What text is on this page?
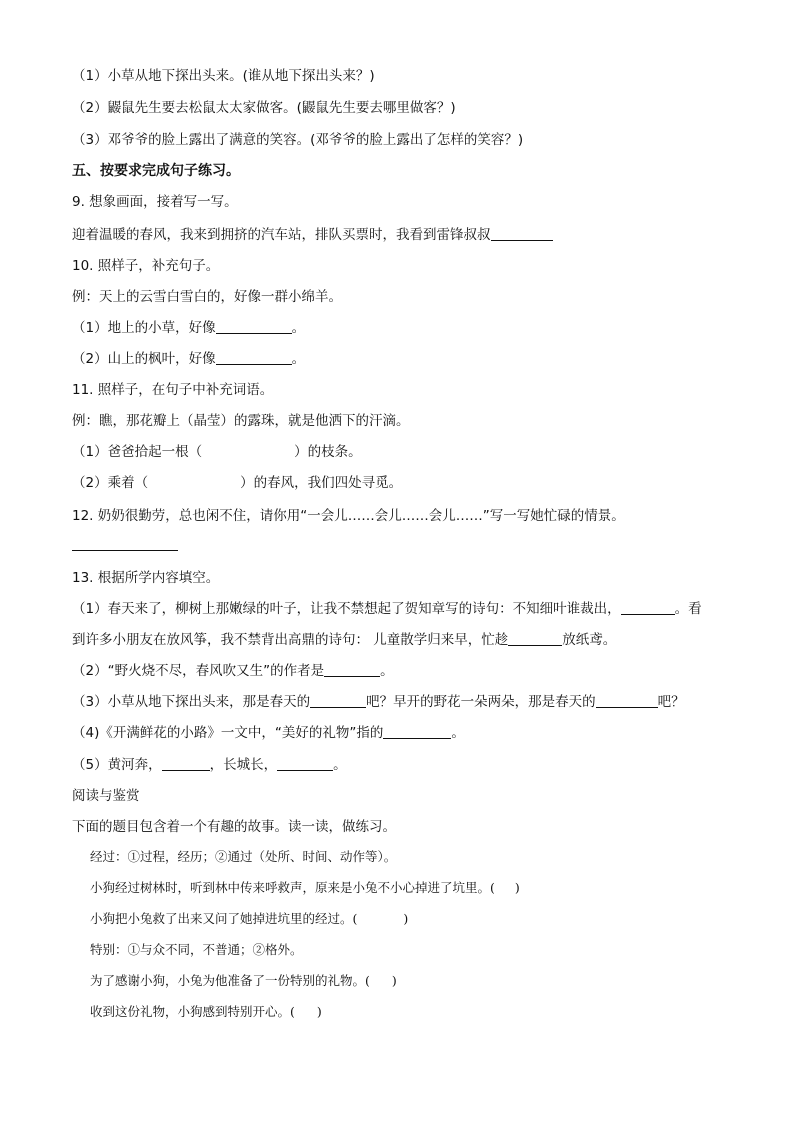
（1）小草从地下探出头来。(谁从地下探出头来？)
（2）鼹鼠先生要去松鼠太太家做客。(鼹鼠先生要去哪里做客？)
（3）邓爷爷的脸上露出了满意的笑容。(邓爷爷的脸上露出了怎样的笑容？)
五、按要求完成句子练习。
9. 想象画面，接着写一写。
迎着温暖的春风，我来到拥挤的汽车站，排队买票时，我看到雷锋叔叔
10. 照样子，补充句子。
例：天上的云雪白雪白的，好像一群小绵羊。
（1）地上的小草，好像	。
（2）山上的枫叶，好像	。
11. 照样子，在句子中补充词语。
例：瞧，那花瓣上（晶莹）的露珠，就是他洒下的汗滴。
（1）爸爸拾起一根（	）的枝条。
（2）乘着（	）的春风，我们四处寻觅。
12. 奶奶很勤劳，总也闲不住，请你用“一会儿……会儿……会儿……”写一写她忙碌的情景。
13. 根据所学内容填空。
（1）春天来了，柳树上那嫩绿的叶子，让我不禁想起了贺知章写的诗句：不知细叶谁裁出，	。看
到许多小朋友在放风筝，我不禁背出高鼎的诗句： 儿童散学归来早，忙趁	放纸鸢。
（2）“野火烧不尽，春风吹又生”的作者是	。
（3）小草从地下探出头来，那是春天的	吧？早开的野花一朵两朵，那是春天的	吧？
（4)《开满鲜花的小路》一文中，“美好的礼物”指的	。
（5）黄河奔，	，长城长，	。
阅读与鉴赏
下面的题目包含着一个有趣的故事。读一读，做练习。
经过：①过程，经历；②通过（处所、时间、动作等）。
小狗经过树林时，听到林中传来呼救声，原来是小兔不小心掉进了坑里。( )
小狗把小兔救了出来又问了她掉进坑里的经过。(	)
特别：①与众不同，不普通；②格外。
为了感谢小狗，小兔为他准备了一份特别的礼物。( )
收到这份礼物，小狗感到特别开心。( )
